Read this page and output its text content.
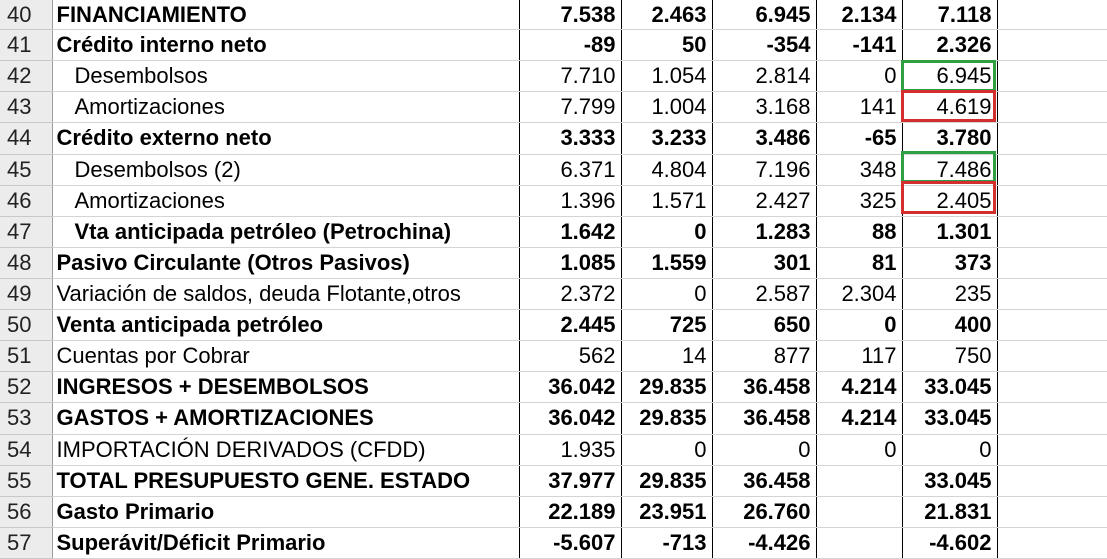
40	FINANCIAMIENTO	7.538	2.463	6.945	2.134	7.118	
41	Crédito interno neto	-89	50	-354	-141	2.326	
42	Desembolsos	7.710	1.054	2.814	0	6.945	
43	Amortizaciones	7.799	1.004	3.168	141	4.619	
44	Crédito externo neto	3.333	3.233	3.486	-65	3.780	
45	Desembolsos (2)	6.371	4.804	7.196	348	7.486	
46	Amortizaciones	1.396	1.571	2.427	325	2.405	
47	Vta anticipada petróleo (Petrochina)	1.642	0	1.283	88	1.301	
48	Pasivo Circulante (Otros Pasivos)	1.085	1.559	301	81	373	
49	Variación de saldos, deuda Flotante,otros	2.372	0	2.587	2.304	235	
50	Venta anticipada petróleo	2.445	725	650	0	400	
51	Cuentas por Cobrar	562	14	877	117	750	
52	INGRESOS + DESEMBOLSOS	36.042	29.835	36.458	4.214	33.045	
53	GASTOS + AMORTIZACIONES	36.042	29.835	36.458	4.214	33.045	
54	IMPORTACIÓN DERIVADOS (CFDD)	1.935	0	0	0	0	
55	TOTAL PRESUPUESTO GENE. ESTADO	37.977	29.835	36.458		33.045	
56	Gasto Primario	22.189	23.951	26.760		21.831	
57	Superávit/Déficit Primario	-5.607	-713	-4.426		-4.602	
